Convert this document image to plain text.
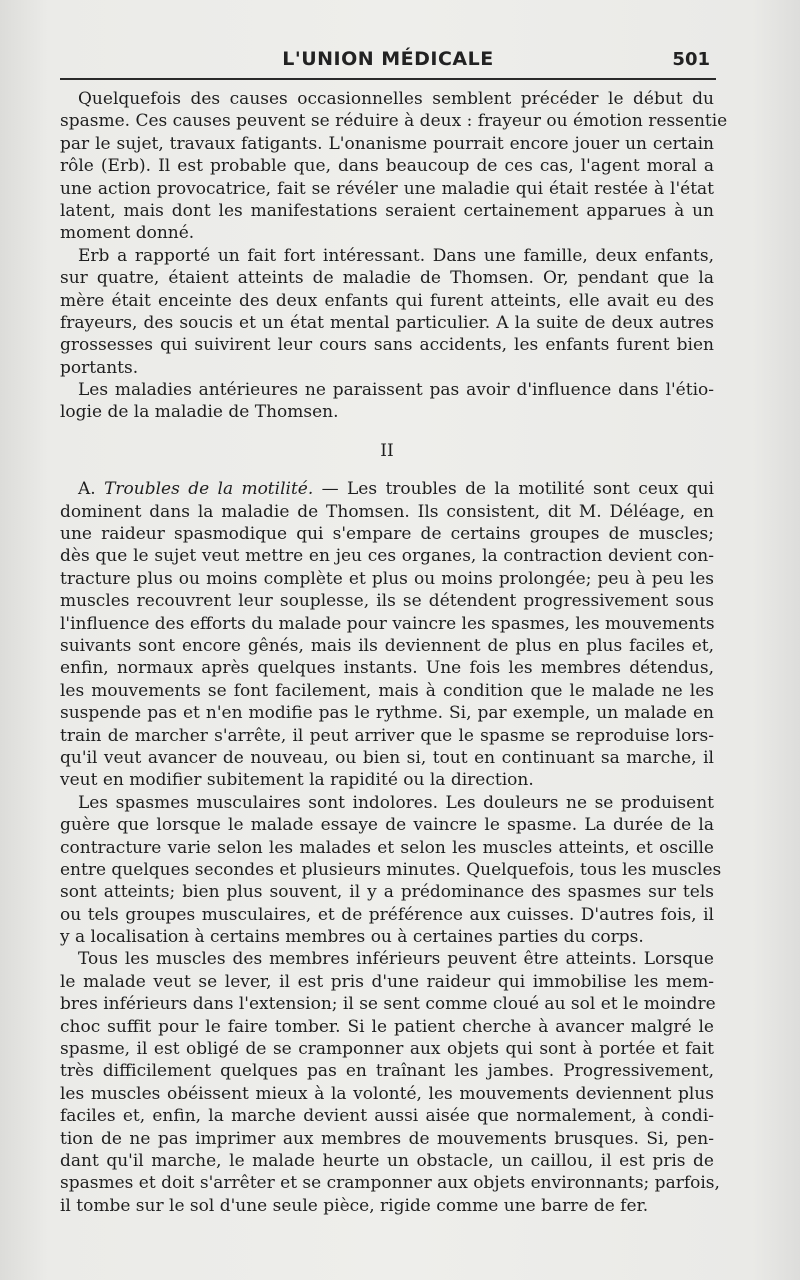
L'UNION MÉDICALE	501
Quelquefois des causes occasionnelles semblent précéder le début du
spasme. Ces causes peuvent se réduire à deux : frayeur ou émotion ressentie
par le sujet, travaux fatigants. L'onanisme pourrait encore jouer un certain
rôle (Erb). Il est probable que, dans beaucoup de ces cas, l'agent moral a
une action provocatrice, fait se révéler une maladie qui était restée à l'état
latent, mais dont les manifestations seraient certainement apparues à un
moment donné.
Erb a rapporté un fait fort intéressant. Dans une famille, deux enfants,
sur quatre, étaient atteints de maladie de Thomsen. Or, pendant que la
mère était enceinte des deux enfants qui furent atteints, elle avait eu des
frayeurs, des soucis et un état mental particulier. A la suite de deux autres
grossesses qui suivirent leur cours sans accidents, les enfants furent bien
portants.
Les maladies antérieures ne paraissent pas avoir d'influence dans l'étio-
logie de la maladie de Thomsen.
II
A. Troubles de la motilité. — Les troubles de la motilité sont ceux qui
dominent dans la maladie de Thomsen. Ils consistent, dit M. Déléage, en
une raideur spasmodique qui s'empare de certains groupes de muscles;
dès que le sujet veut mettre en jeu ces organes, la contraction devient con-
tracture plus ou moins complète et plus ou moins prolongée; peu à peu les
muscles recouvrent leur souplesse, ils se détendent progressivement sous
l'influence des efforts du malade pour vaincre les spasmes, les mouvements
suivants sont encore gênés, mais ils deviennent de plus en plus faciles et,
enfin, normaux après quelques instants. Une fois les membres détendus,
les mouvements se font facilement, mais à condition que le malade ne les
suspende pas et n'en modifie pas le rythme. Si, par exemple, un malade en
train de marcher s'arrête, il peut arriver que le spasme se reproduise lors-
qu'il veut avancer de nouveau, ou bien si, tout en continuant sa marche, il
veut en modifier subitement la rapidité ou la direction.
Les spasmes musculaires sont indolores. Les douleurs ne se produisent
guère que lorsque le malade essaye de vaincre le spasme. La durée de la
contracture varie selon les malades et selon les muscles atteints, et oscille
entre quelques secondes et plusieurs minutes. Quelquefois, tous les muscles
sont atteints; bien plus souvent, il y a prédominance des spasmes sur tels
ou tels groupes musculaires, et de préférence aux cuisses. D'autres fois, il
y a localisation à certains membres ou à certaines parties du corps.
Tous les muscles des membres inférieurs peuvent être atteints. Lorsque
le malade veut se lever, il est pris d'une raideur qui immobilise les mem-
bres inférieurs dans l'extension; il se sent comme cloué au sol et le moindre
choc suffit pour le faire tomber. Si le patient cherche à avancer malgré le
spasme, il est obligé de se cramponner aux objets qui sont à portée et fait
très difficilement quelques pas en traînant les jambes. Progressivement,
les muscles obéissent mieux à la volonté, les mouvements deviennent plus
faciles et, enfin, la marche devient aussi aisée que normalement, à condi-
tion de ne pas imprimer aux membres de mouvements brusques. Si, pen-
dant qu'il marche, le malade heurte un obstacle, un caillou, il est pris de
spasmes et doit s'arrêter et se cramponner aux objets environnants; parfois,
il tombe sur le sol d'une seule pièce, rigide comme une barre de fer.
